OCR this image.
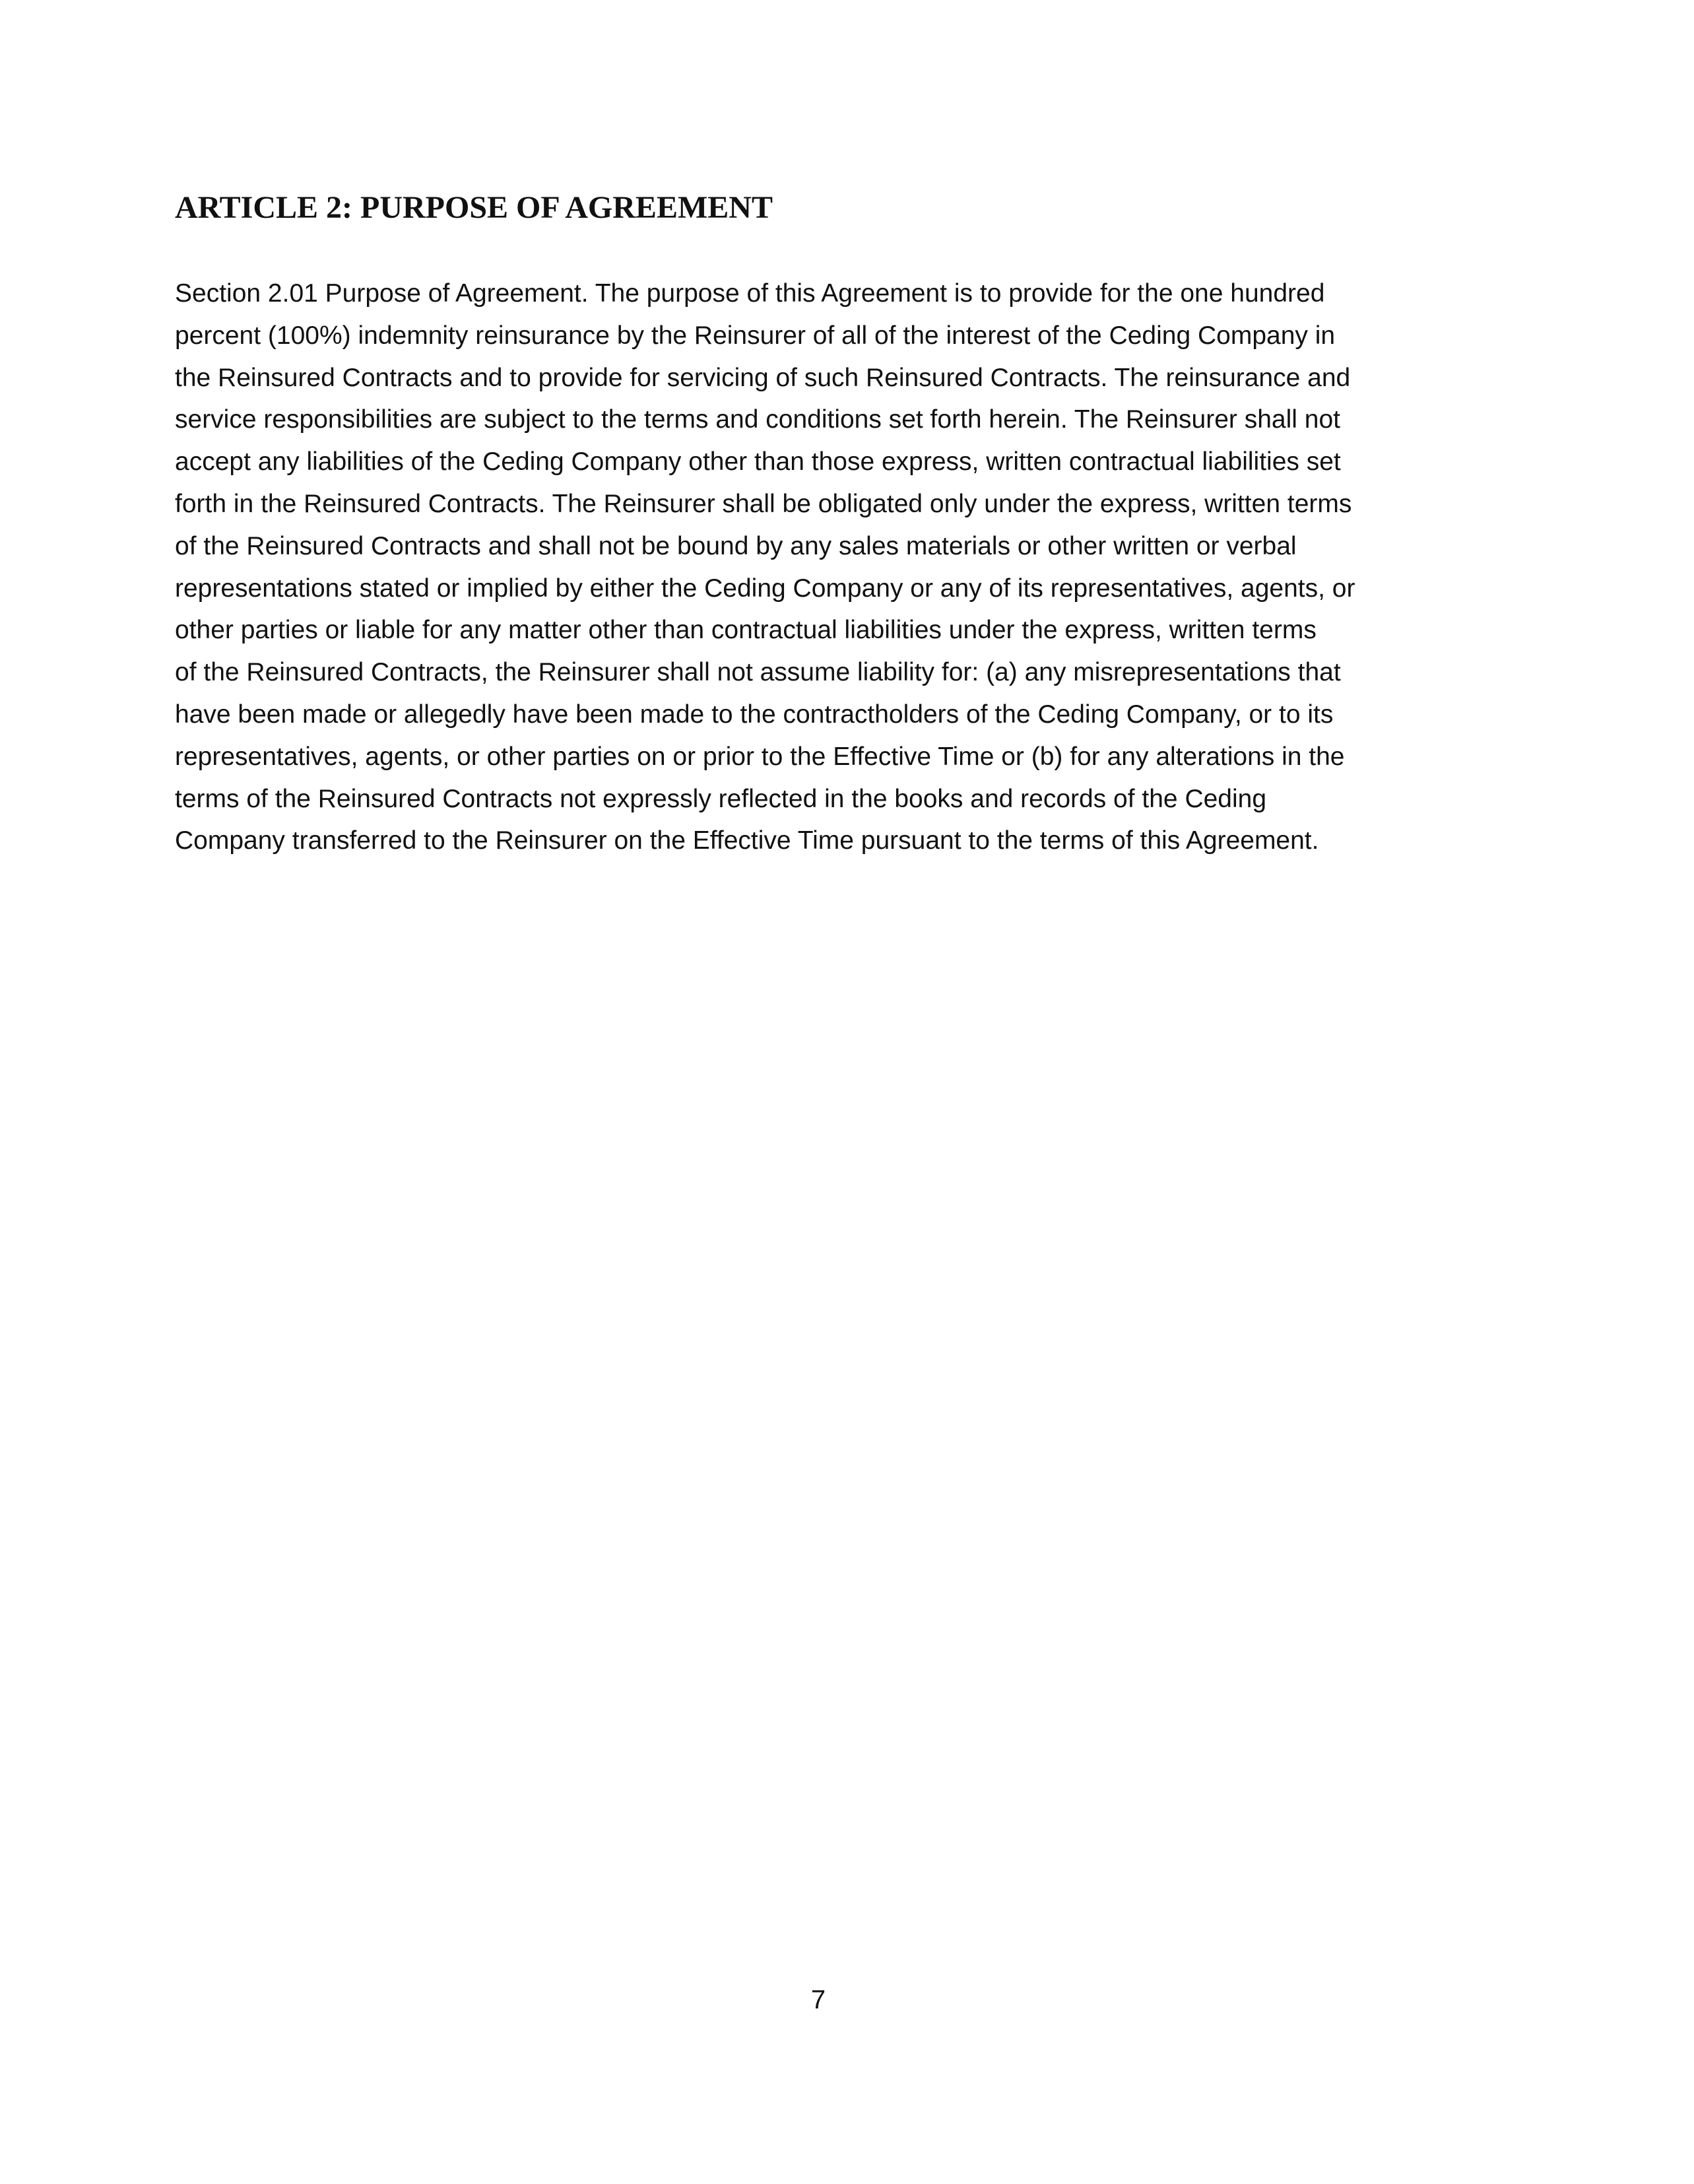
ARTICLE 2: PURPOSE OF AGREEMENT
Section 2.01 Purpose of Agreement. The purpose of this Agreement is to provide for the one hundred
percent (100%) indemnity reinsurance by the Reinsurer of all of the interest of the Ceding Company in
the Reinsured Contracts and to provide for servicing of such Reinsured Contracts. The reinsurance and
service responsibilities are subject to the terms and conditions set forth herein. The Reinsurer shall not
accept any liabilities of the Ceding Company other than those express, written contractual liabilities set
forth in the Reinsured Contracts. The Reinsurer shall be obligated only under the express, written terms
of the Reinsured Contracts and shall not be bound by any sales materials or other written or verbal
representations stated or implied by either the Ceding Company or any of its representatives, agents, or
other parties or liable for any matter other than contractual liabilities under the express, written terms
of the Reinsured Contracts, the Reinsurer shall not assume liability for: (a) any misrepresentations that
have been made or allegedly have been made to the contractholders of the Ceding Company, or to its
representatives, agents, or other parties on or prior to the Effective Time or (b) for any alterations in the
terms of the Reinsured Contracts not expressly reflected in the books and records of the Ceding
Company transferred to the Reinsurer on the Effective Time pursuant to the terms of this Agreement.
7
